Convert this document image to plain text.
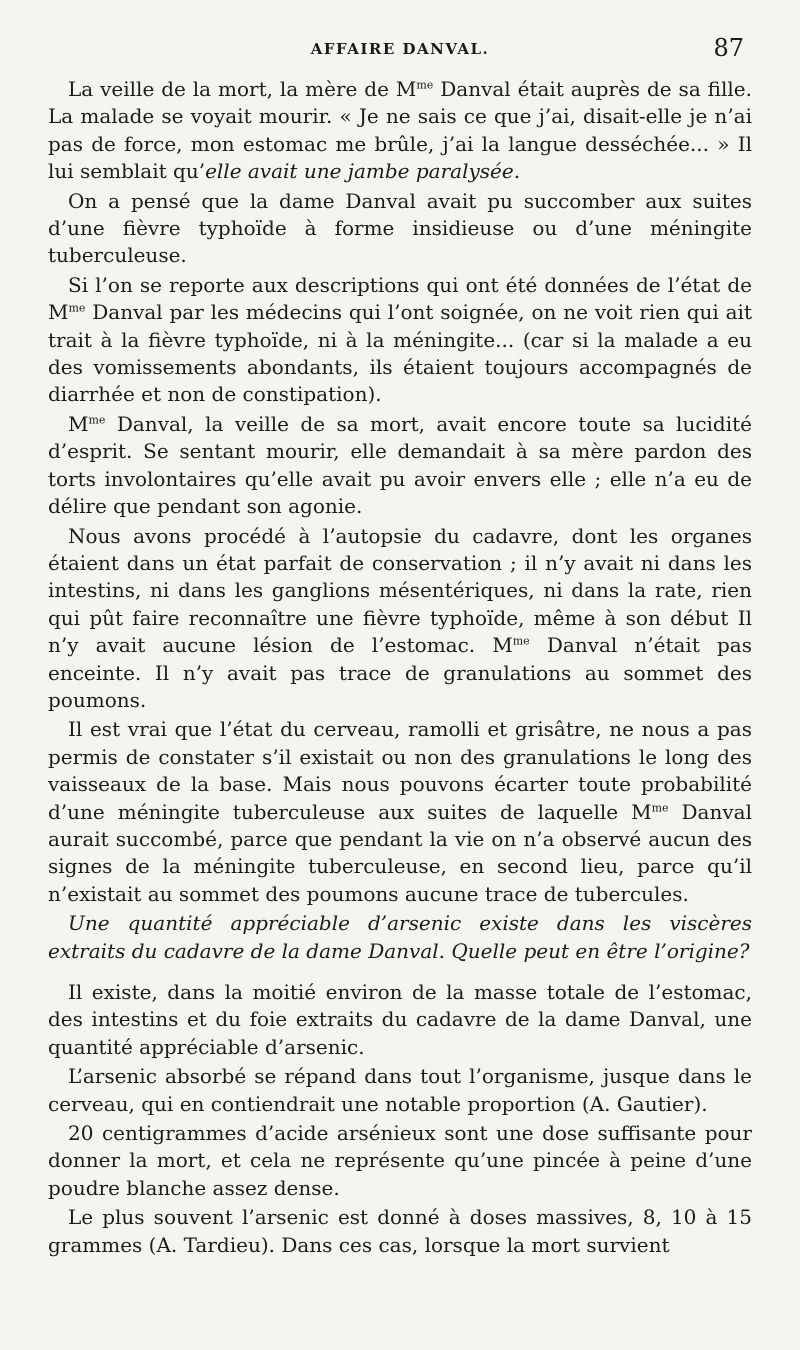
AFFAIRE DANVAL.	87

La veille de la mort, la mère de $M^{me}$ Danval était auprès de sa fille. La malade se voyait mourir. « Je ne sais ce que j’ai, disait-elle je n’ai pas de force, mon estomac me brûle, j’ai la langue desséchée... » Il lui semblait qu’elle avait une jambe paralysée.

On a pensé que la dame Danval avait pu succomber aux suites d’une fièvre typhoïde à forme insidieuse ou d’une méningite tuberculeuse.

Si l’on se reporte aux descriptions qui ont été données de l’état de $M^{me}$ Danval par les médecins qui l’ont soignée, on ne voit rien qui ait trait à la fièvre typhoïde, ni à la méningite... (car si la malade a eu des vomissements abondants, ils étaient toujours accompagnés de diarrhée et non de constipation).

$M^{me}$ Danval, la veille de sa mort, avait encore toute sa lucidité d’esprit. Se sentant mourir, elle demandait à sa mère pardon des torts involontaires qu’elle avait pu avoir envers elle ; elle n’a eu de délire que pendant son agonie.

Nous avons procédé à l’autopsie du cadavre, dont les organes étaient dans un état parfait de conservation ; il n’y avait ni dans les intestins, ni dans les ganglions mésentériques, ni dans la rate, rien qui pût faire reconnaître une fièvre typhoïde, même à son début Il n’y avait aucune lésion de l’estomac. $M^{me}$ Danval n’était pas enceinte. Il n’y avait pas trace de granulations au sommet des poumons.

Il est vrai que l’état du cerveau, ramolli et grisâtre, ne nous a pas permis de constater s’il existait ou non des granulations le long des vaisseaux de la base. Mais nous pouvons écarter toute probabilité d’une méningite tuberculeuse aux suites de laquelle $M^{me}$ Danval aurait succombé, parce que pendant la vie on n’a observé aucun des signes de la méningite tuberculeuse, en second lieu, parce qu’il n’existait au sommet des poumons aucune trace de tubercules.

Une quantité appréciable d’arsenic existe dans les viscères extraits du cadavre de la dame Danval. Quelle peut en être l’origine?

Il existe, dans la moitié environ de la masse totale de l’estomac, des intestins et du foie extraits du cadavre de la dame Danval, une quantité appréciable d’arsenic.

L’arsenic absorbé se répand dans tout l’organisme, jusque dans le cerveau, qui en contiendrait une notable proportion (A. Gautier).

20 centigrammes d’acide arsénieux sont une dose suffisante pour donner la mort, et cela ne représente qu’une pincée à peine d’une poudre blanche assez dense.

Le plus souvent l’arsenic est donné à doses massives, 8, 10 à 15 grammes (A. Tardieu). Dans ces cas, lorsque la mort survient
